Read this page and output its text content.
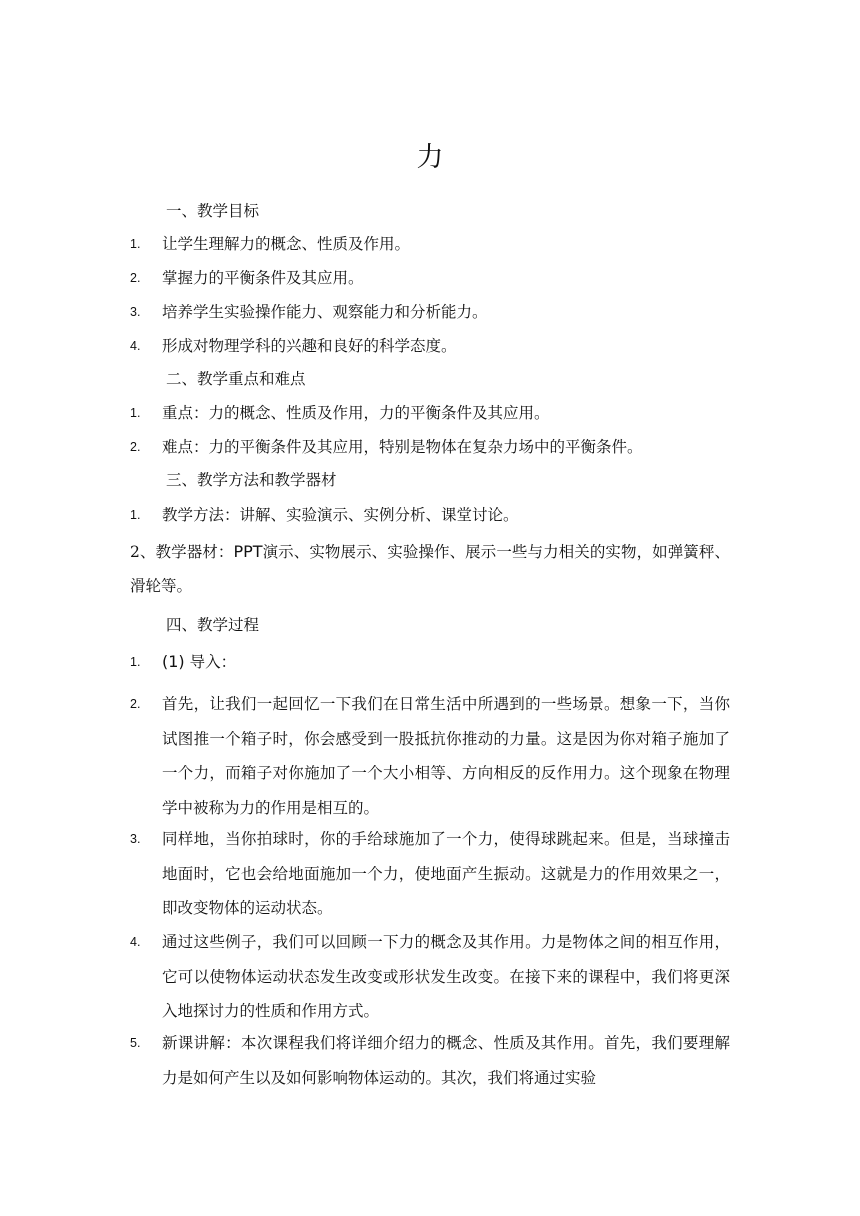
力
一、教学目标
1. 让学生理解力的概念、性质及作用。
2. 掌握力的平衡条件及其应用。
3. 培养学生实验操作能力、观察能力和分析能力。
4. 形成对物理学科的兴趣和良好的科学态度。
二、教学重点和难点
1. 重点：力的概念、性质及作用，力的平衡条件及其应用。
2. 难点：力的平衡条件及其应用，特别是物体在复杂力场中的平衡条件。
三、教学方法和教学器材
1. 教学方法：讲解、实验演示、实例分析、课堂讨论。
2、教学器材：PPT演示、实物展示、实验操作、展示一些与力相关的实物，如弹簧秤、滑轮等。
四、教学过程
1. (1) 导入：
2. 首先，让我们一起回忆一下我们在日常生活中所遇到的一些场景。想象一下，当你试图推一个箱子时，你会感受到一股抵抗你推动的力量。这是因为你对箱子施加了一个力，而箱子对你施加了一个大小相等、方向相反的反作用力。这个现象在物理学中被称为力的作用是相互的。
3. 同样地，当你拍球时，你的手给球施加了一个力，使得球跳起来。但是，当球撞击地面时，它也会给地面施加一个力，使地面产生振动。这就是力的作用效果之一，即改变物体的运动状态。
4. 通过这些例子，我们可以回顾一下力的概念及其作用。力是物体之间的相互作用，它可以使物体运动状态发生改变或形状发生改变。在接下来的课程中，我们将更深入地探讨力的性质和作用方式。
5. 新课讲解：本次课程我们将详细介绍力的概念、性质及其作用。首先，我们要理解力是如何产生以及如何影响物体运动的。其次，我们将通过实验
